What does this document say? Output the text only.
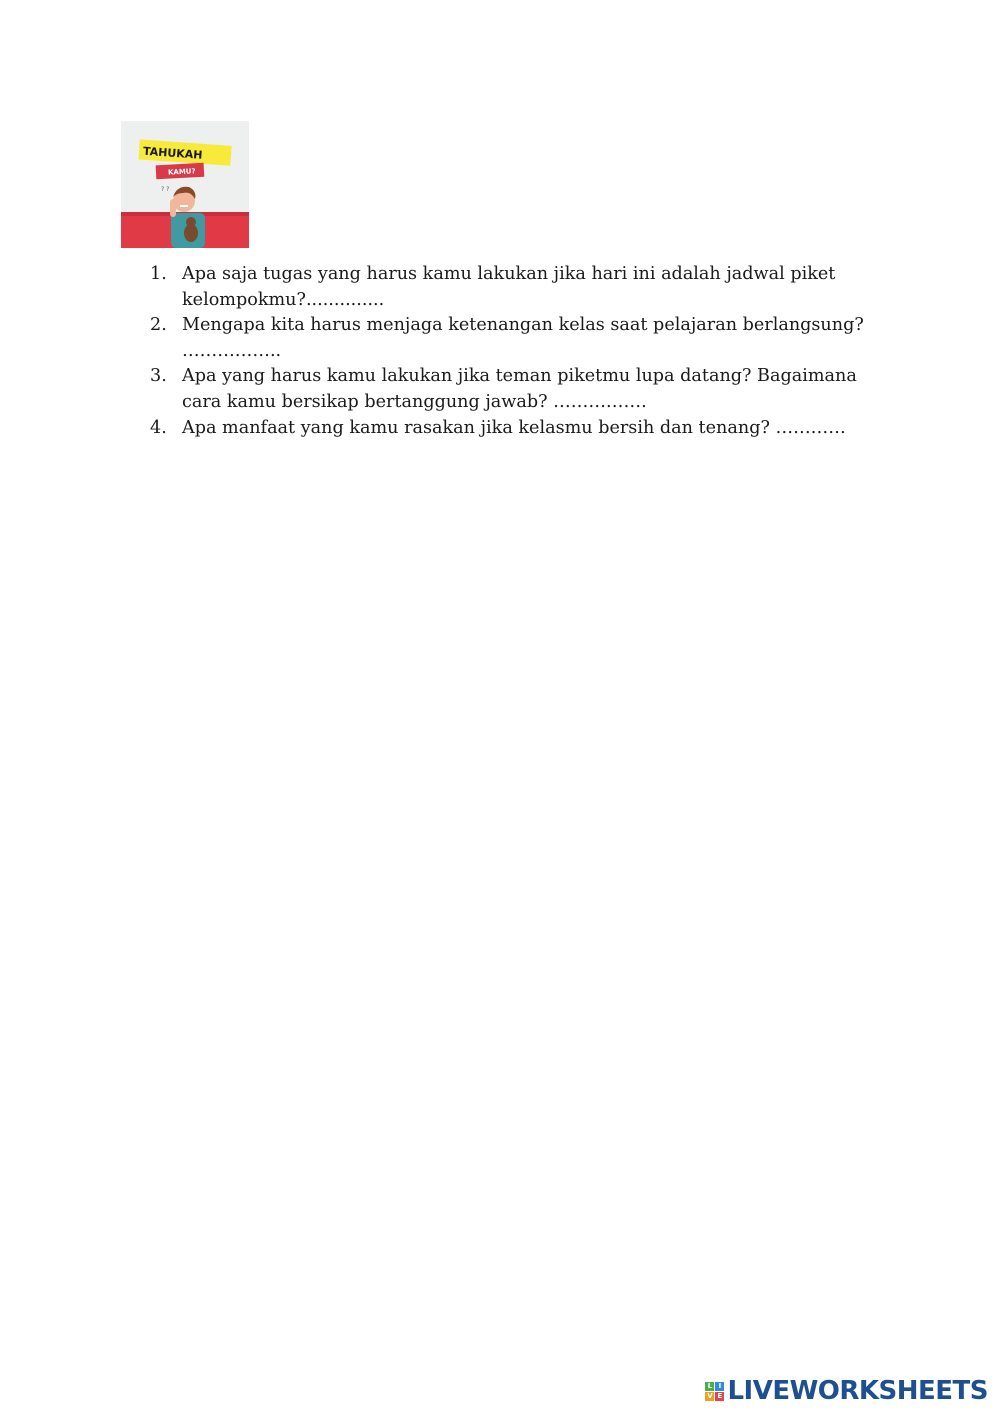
TAHUKAH
KAMU?
? ?
1. Apa saja tugas yang harus kamu lakukan jika hari ini adalah jadwal piket kelompokmu?..............
2. Mengapa kita harus menjaga ketenangan kelas saat pelajaran berlangsung? ……………..
3. Apa yang harus kamu lakukan jika teman piketmu lupa datang? Bagaimana cara kamu bersikap bertanggung jawab? …………….
4. Apa manfaat yang kamu rasakan jika kelasmu bersih dan tenang? …………
L I
V E LIVEWORKSHEETS
